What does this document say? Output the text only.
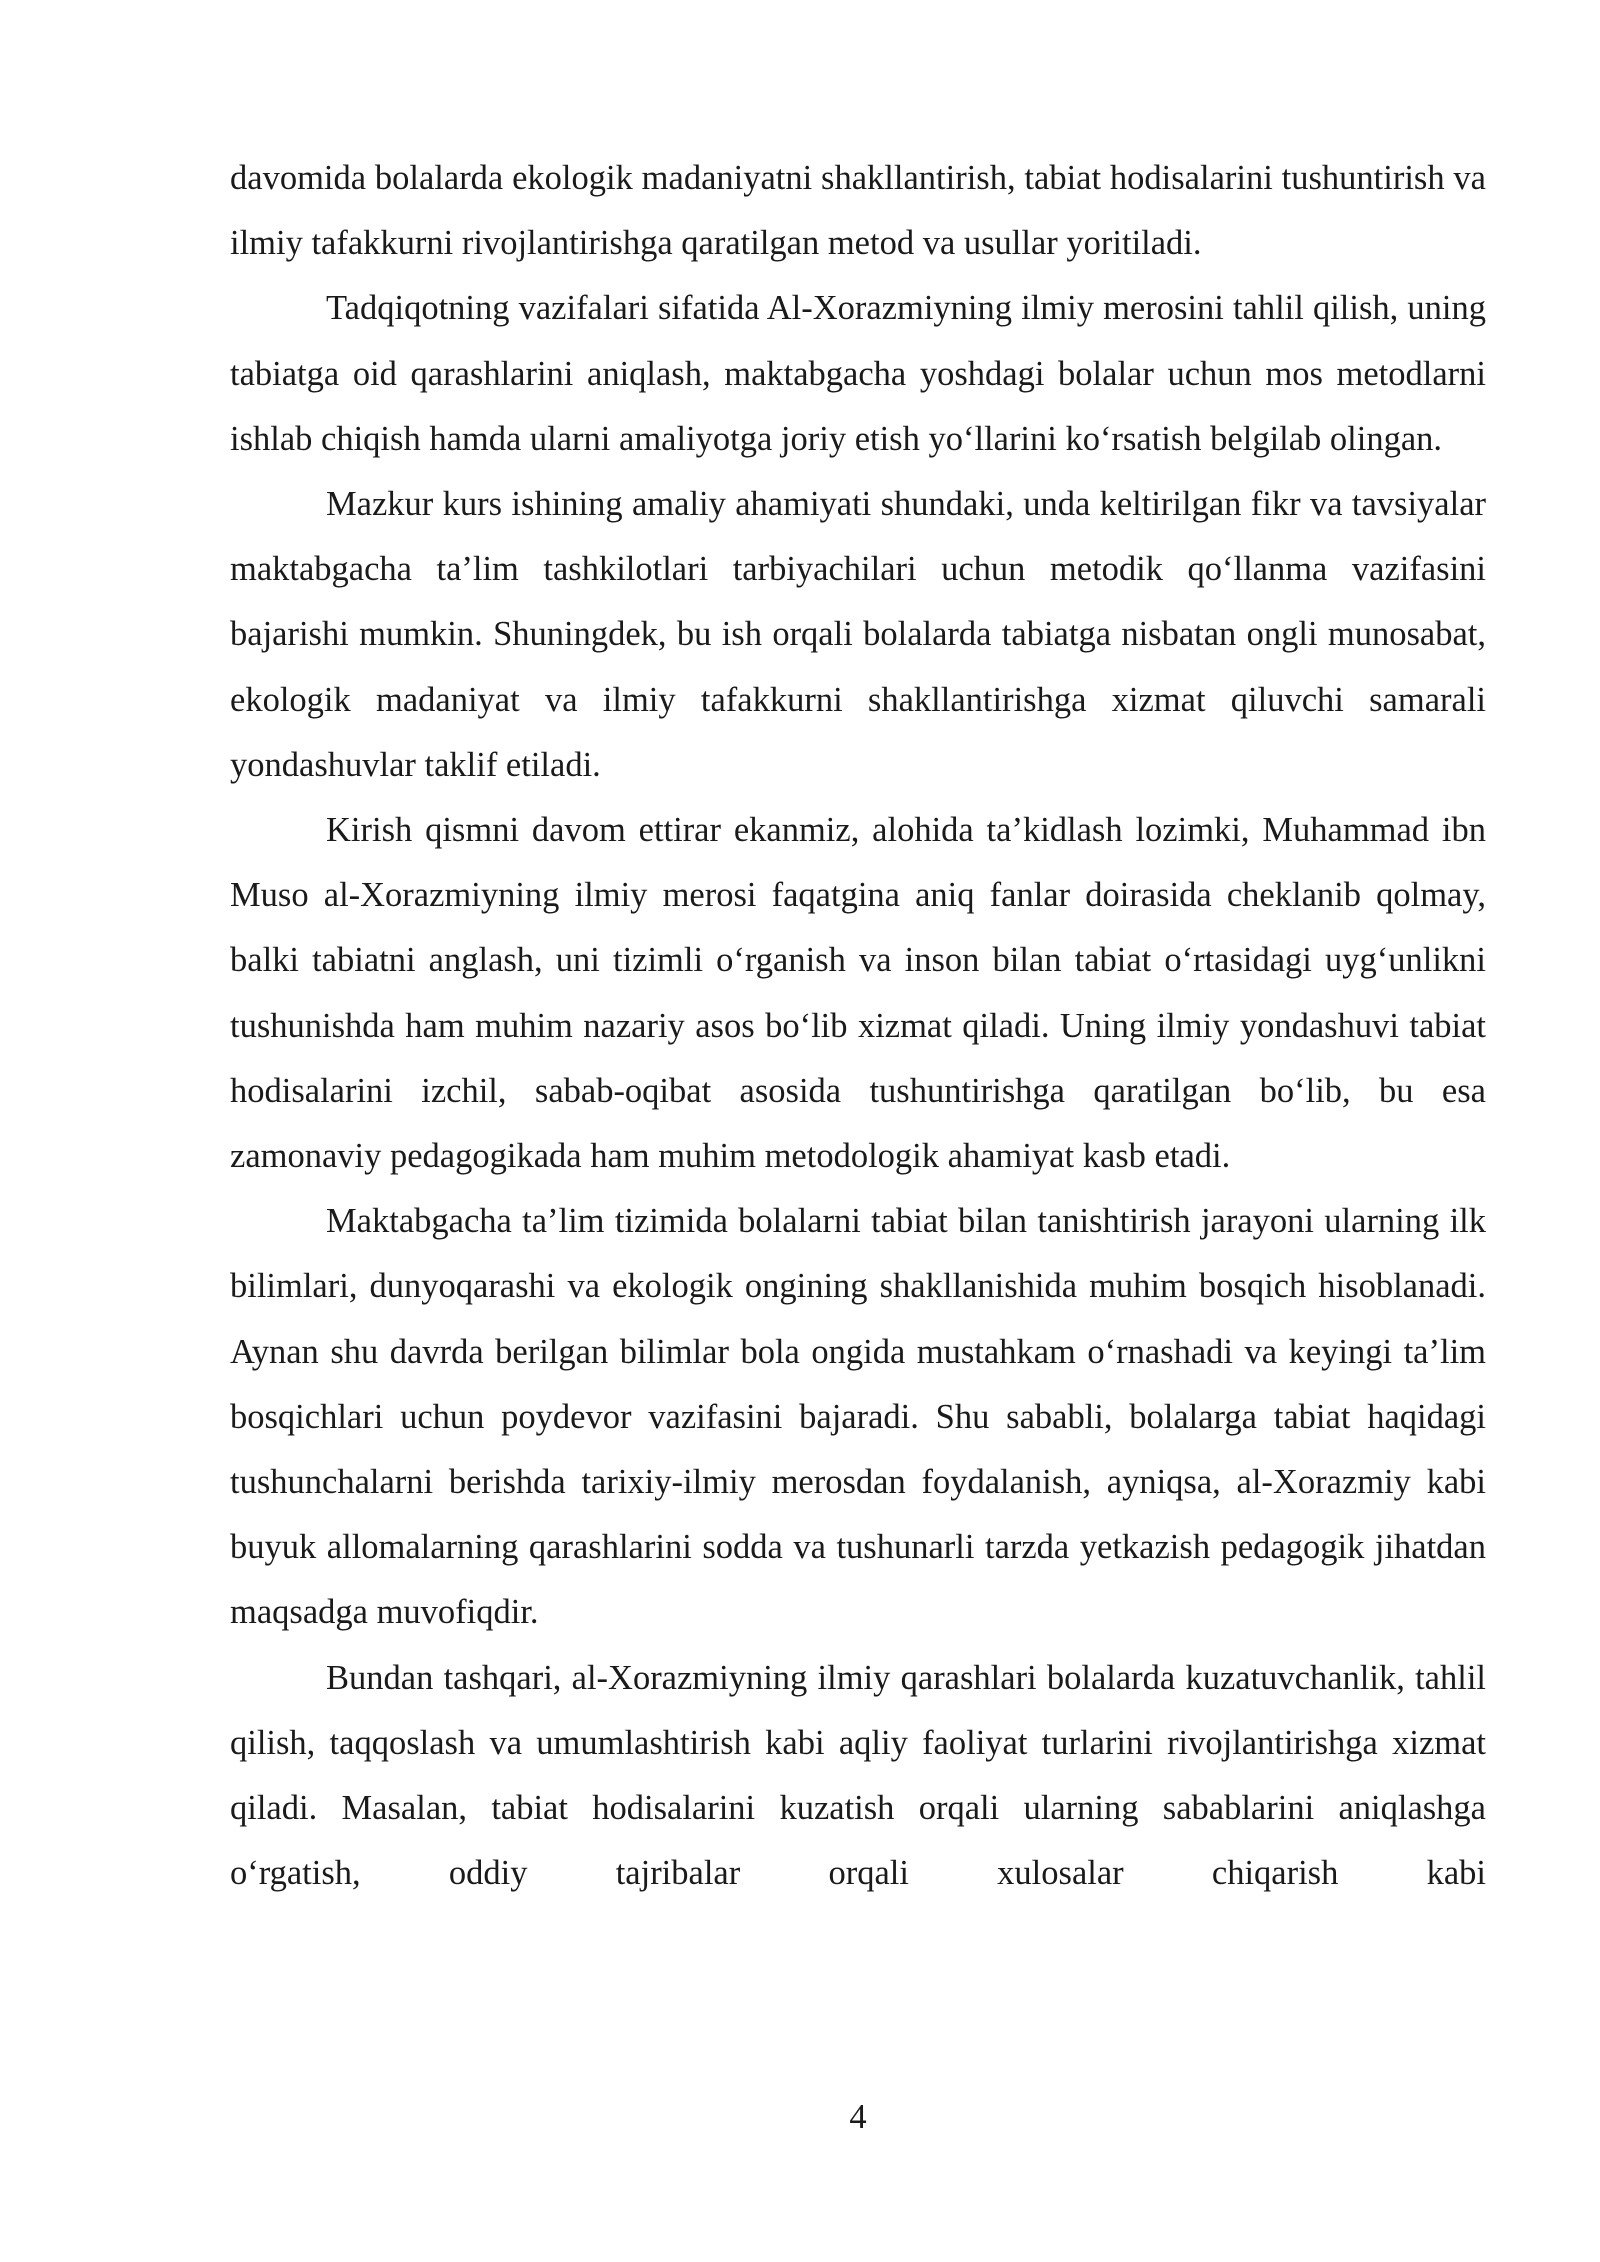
davomida bolalarda ekologik madaniyatni shakllantirish, tabiat hodisalarini tushuntirish va ilmiy tafakkurni rivojlantirishga qaratilgan metod va usullar yoritiladi.

Tadqiqotning vazifalari sifatida Al-Xorazmiyning ilmiy merosini tahlil qilish, uning tabiatga oid qarashlarini aniqlash, maktabgacha yoshdagi bolalar uchun mos metodlarni ishlab chiqish hamda ularni amaliyotga joriy etish yo‘llarini ko‘rsatish belgilab olingan.

Mazkur kurs ishining amaliy ahamiyati shundaki, unda keltirilgan fikr va tavsiyalar maktabgacha ta’lim tashkilotlari tarbiyachilari uchun metodik qo‘llanma vazifasini bajarishi mumkin. Shuningdek, bu ish orqali bolalarda tabiatga nisbatan ongli munosabat, ekologik madaniyat va ilmiy tafakkurni shakllantirishga xizmat qiluvchi samarali yondashuvlar taklif etiladi.

Kirish qismni davom ettirar ekanmiz, alohida ta’kidlash lozimki, Muhammad ibn Muso al-Xorazmiyning ilmiy merosi faqatgina aniq fanlar doirasida cheklanib qolmay, balki tabiatni anglash, uni tizimli o‘rganish va inson bilan tabiat o‘rtasidagi uyg‘unlikni tushunishda ham muhim nazariy asos bo‘lib xizmat qiladi. Uning ilmiy yondashuvi tabiat hodisalarini izchil, sabab-oqibat asosida tushuntirishga qaratilgan bo‘lib, bu esa zamonaviy pedagogikada ham muhim metodologik ahamiyat kasb etadi.

Maktabgacha ta’lim tizimida bolalarni tabiat bilan tanishtirish jarayoni ularning ilk bilimlari, dunyoqarashi va ekologik ongining shakllanishida muhim bosqich hisoblanadi. Aynan shu davrda berilgan bilimlar bola ongida mustahkam o‘rnashadi va keyingi ta’lim bosqichlari uchun poydevor vazifasini bajaradi. Shu sababli, bolalarga tabiat haqidagi tushunchalarni berishda tarixiy-ilmiy merosdan foydalanish, ayniqsa, al-Xorazmiy kabi buyuk allomalarning qarashlarini sodda va tushunarli tarzda yetkazish pedagogik jihatdan maqsadga muvofiqdir.

Bundan tashqari, al-Xorazmiyning ilmiy qarashlari bolalarda kuzatuvchanlik, tahlil qilish, taqqoslash va umumlashtirish kabi aqliy faoliyat turlarini rivojlantirishga xizmat qiladi. Masalan, tabiat hodisalarini kuzatish orqali ularning sabablarini aniqlashga o‘rgatish, oddiy tajribalar orqali xulosalar chiqarish kabi

4
